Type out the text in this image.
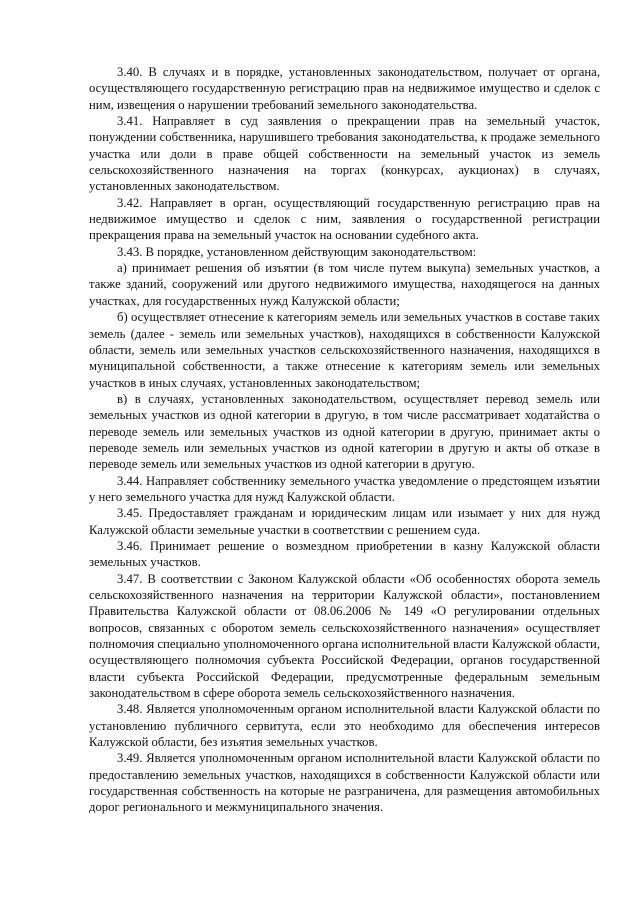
3.40. В случаях и в порядке, установленных законодательством, получает от органа, осуществляющего государственную регистрацию прав на недвижимое имущество и сделок с ним, извещения о нарушении требований земельного законодательства.

3.41. Направляет в суд заявления о прекращении прав на земельный участок, понуждении собственника, нарушившего требования законодательства, к продаже земельного участка или доли в праве общей собственности на земельный участок из земель сельскохозяйственного назначения на торгах (конкурсах, аукционах) в случаях, установленных законодательством.

3.42. Направляет в орган, осуществляющий государственную регистрацию прав на недвижимое имущество и сделок с ним, заявления о государственной регистрации прекращения права на земельный участок на основании судебного акта.

3.43. В порядке, установленном действующим законодательством:

а) принимает решения об изъятии (в том числе путем выкупа) земельных участков, а также зданий, сооружений или другого недвижимого имущества, находящегося на данных участках, для государственных нужд Калужской области;

б) осуществляет отнесение к категориям земель или земельных участков в составе таких земель (далее - земель или земельных участков), находящихся в собственности Калужской области, земель или земельных участков сельскохозяйственного назначения, находящихся в муниципальной собственности, а также отнесение к категориям земель или земельных участков в иных случаях, установленных законодательством;

в) в случаях, установленных законодательством, осуществляет перевод земель или земельных участков из одной категории в другую, в том числе рассматривает ходатайства о переводе земель или земельных участков из одной категории в другую, принимает акты о переводе земель или земельных участков из одной категории в другую и акты об отказе в переводе земель или земельных участков из одной категории в другую.

3.44. Направляет собственнику земельного участка уведомление о предстоящем изъятии у него земельного участка для нужд Калужской области.

3.45. Предоставляет гражданам и юридическим лицам или изымает у них для нужд Калужской области земельные участки в соответствии с решением суда.

3.46. Принимает решение о возмездном приобретении в казну Калужской области земельных участков.

3.47. В соответствии с Законом Калужской области «Об особенностях оборота земель сельскохозяйственного назначения на территории Калужской области», постановлением Правительства Калужской области от 08.06.2006 № 149 «О регулировании отдельных вопросов, связанных с оборотом земель сельскохозяйственного назначения» осуществляет полномочия специально уполномоченного органа исполнительной власти Калужской области, осуществляющего полномочия субъекта Российской Федерации, органов государственной власти субъекта Российской Федерации, предусмотренные федеральным земельным законодательством в сфере оборота земель сельскохозяйственного назначения.

3.48. Является уполномоченным органом исполнительной власти Калужской области по установлению публичного сервитута, если это необходимо для обеспечения интересов Калужской области, без изъятия земельных участков.

3.49. Является уполномоченным органом исполнительной власти Калужской области по предоставлению земельных участков, находящихся в собственности Калужской области или государственная собственность на которые не разграничена, для размещения автомобильных дорог регионального и межмуниципального значения.
